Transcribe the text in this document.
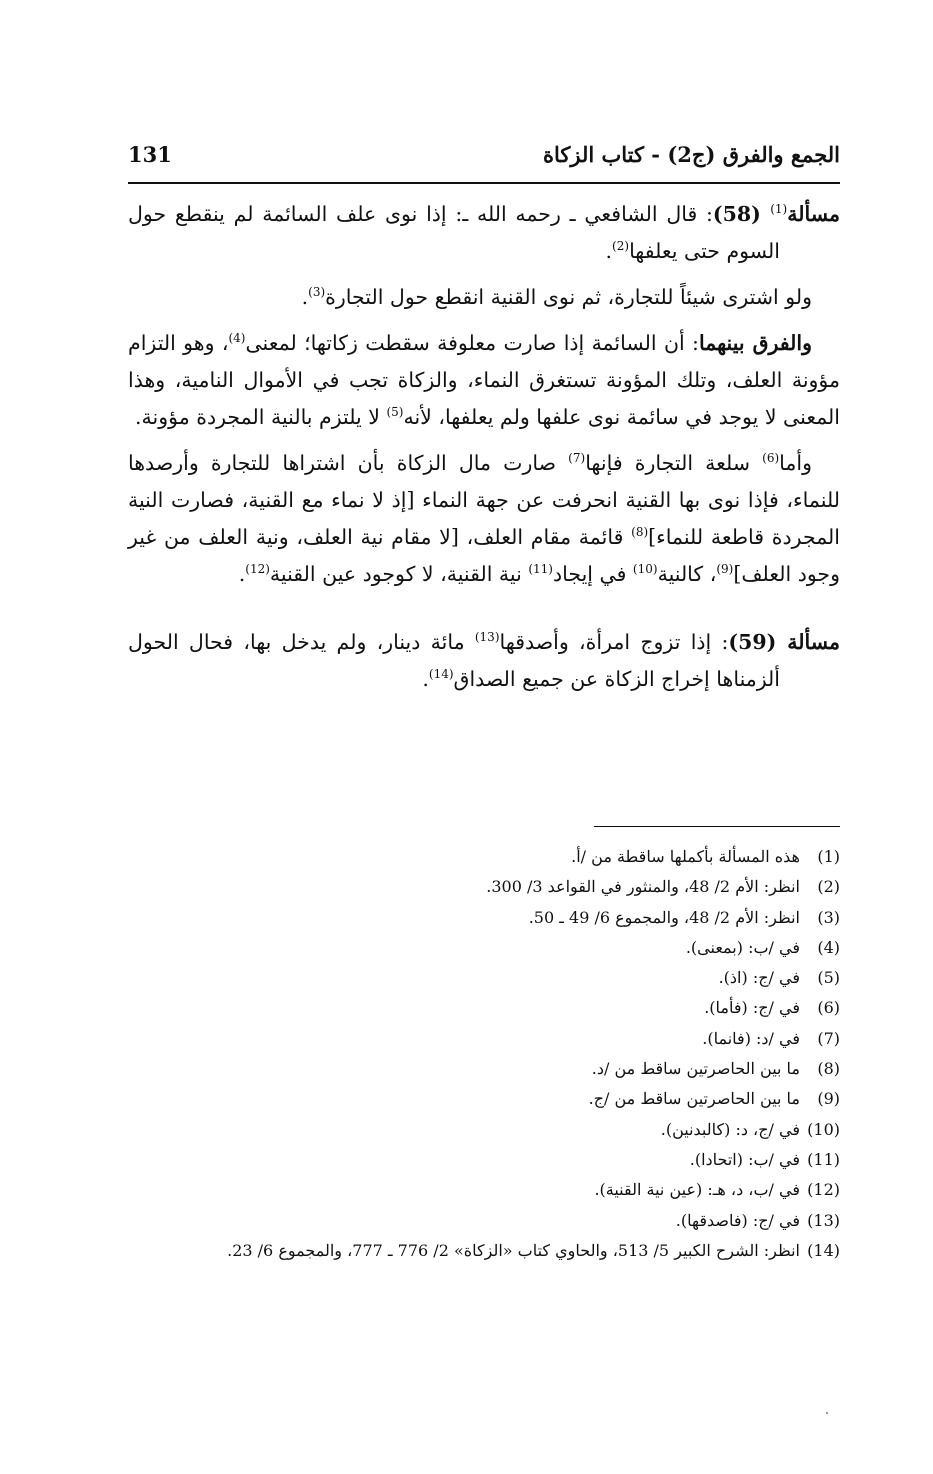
الجمع والفرق (ج2) - كتاب الزكاة
131

مسألة$^{(1)}$ (58): قال الشافعي ـ رحمه الله ـ: إذا نوى علف السائمة لم ينقطع حول السوم حتى يعلفها$^{(2)}$.

ولو اشترى شيئاً للتجارة، ثم نوى القنية انقطع حول التجارة$^{(3)}$.

والفرق بينهما: أن السائمة إذا صارت معلوفة سقطت زكاتها؛ لمعنى$^{(4)}$، وهو التزام مؤونة العلف، وتلك المؤونة تستغرق النماء، والزكاة تجب في الأموال النامية، وهذا المعنى لا يوجد في سائمة نوى علفها ولم يعلفها، لأنه$^{(5)}$ لا يلتزم بالنية المجردة مؤونة.

وأما$^{(6)}$ سلعة التجارة فإنها$^{(7)}$ صارت مال الزكاة بأن اشتراها للتجارة وأرصدها للنماء، فإذا نوى بها القنية انحرفت عن جهة النماء [إذ لا نماء مع القنية، فصارت النية المجردة قاطعة للنماء]$^{(8)}$ قائمة مقام العلف، [لا مقام نية العلف، ونية العلف من غير وجود العلف]$^{(9)}$، كالنية$^{(10)}$ في إيجاد$^{(11)}$ نية القنية، لا كوجود عين القنية$^{(12)}$.

مسألة (59): إذا تزوج امرأة، وأصدقها$^{(13)}$ مائة دينار، ولم يدخل بها، فحال الحول ألزمناها إخراج الزكاة عن جميع الصداق$^{(14)}$.

(1)
هذه المسألة بأكملها ساقطة من /أ.
(2)
انظر: الأم 2/ 48، والمنثور في القواعد 3/ 300.
(3)
انظر: الأم 2/ 48، والمجموع 6/ 49 ـ 50.
(4)
في /ب: (بمعنى).
(5)
في /ج: (اذ).
(6)
في /ج: (فأما).
(7)
في /د: (فانما).
(8)
ما بين الحاصرتين ساقط من /د.
(9)
ما بين الحاصرتين ساقط من /ج.
(10)
في /ج، د: (كالبدنين).
(11)
في /ب: (اتحادا).
(12)
في /ب، د، هـ: (عين نية القنية).
(13)
في /ج: (فاصدقها).
(14)
انظر: الشرح الكبير 5/ 513، والحاوي كتاب «الزكاة» 2/ 776 ـ 777، والمجموع 6/ 23.
